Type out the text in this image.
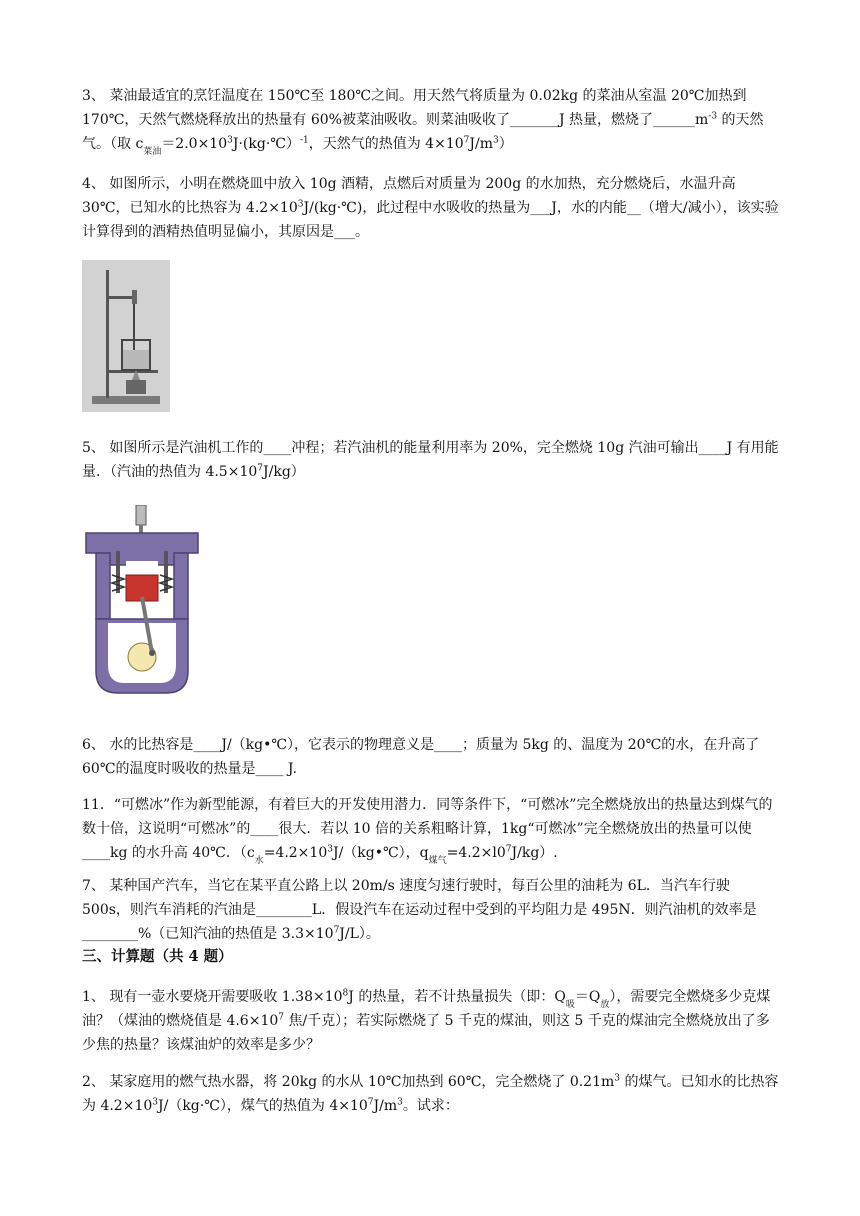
3、 菜油最适宜的烹饪温度在 150℃至 180℃之间。用天然气将质量为 0.02kg 的菜油从室温 20℃加热到 170℃，天然气燃烧释放出的热量有 60%被菜油吸收。则菜油吸收了_______J 热量，燃烧了$\_\_\_\_\_\_m^{-3}$ 的天然气。（取 $c_{菜油}=2.0\times 10^3J\cdot(kg\cdot℃)^{-1}$，天然气的热值为 $4\times 10^7J/m^3$）

4、 如图所示，小明在燃烧皿中放入 10g 酒精，点燃后对质量为 200g 的水加热，充分燃烧后，水温升高 30℃，已知水的比热容为 $4.2\times 10^3J/(kg\cdot℃)$，此过程中水吸收的热量为___J，水的内能__（增大/减小），该实验计算得到的酒精热值明显偏小，其原因是___。

5、 如图所示是汽油机工作的____冲程；若汽油机的能量利用率为 20%，完全燃烧 10g 汽油可输出____J 有用能量．（汽油的热值为 $4.5\times 10^7J/kg$）

6、 水的比热容是____J/（kg•℃），它表示的物理意义是____；质量为 5kg 的、温度为 20℃的水，在升高了 60℃的温度时吸收的热量是____ J.

11．“可燃冰”作为新型能源，有着巨大的开发使用潜力．同等条件下，“可燃冰”完全燃烧放出的热量达到煤气的数十倍，这说明“可燃冰”的____很大．若以 10 倍的关系粗略计算，1kg“可燃冰”完全燃烧放出的热量可以使____kg 的水升高 40℃．（$c_水=4.2\times 10^3J/(kg•℃)$，$q_{煤气}=4.2\times l0^7J/kg$）.

7、 某种国产汽车，当它在某平直公路上以 20m/s 速度匀速行驶时，每百公里的油耗为 6L．当汽车行驶 500s，则汽车消耗的汽油是________L．假设汽车在运动过程中受到的平均阻力是 495N．则汽油机的效率是________%（已知汽油的热值是 $3.3\times 10^7J/L$）。

三、计算题（共 4 题）

1、 现有一壶水要烧开需要吸收 $1.38\times 10^8J$ 的热量，若不计热量损失（即：$Q_吸=Q_放$），需要完全燃烧多少克煤油？（煤油的燃烧值是 $4.6\times 10^7$ 焦/千克）；若实际燃烧了 5 千克的煤油，则这 5 千克的煤油完全燃烧放出了多少焦的热量？该煤油炉的效率是多少？

2、 某家庭用的燃气热水器，将 20kg 的水从 10℃加热到 60℃，完全燃烧了 $0.21m^3$ 的煤气。已知水的比热容为 $4.2\times 10^3J/(kg\cdot℃)$，煤气的热值为 $4\times 10^7J/m^3$。试求：
